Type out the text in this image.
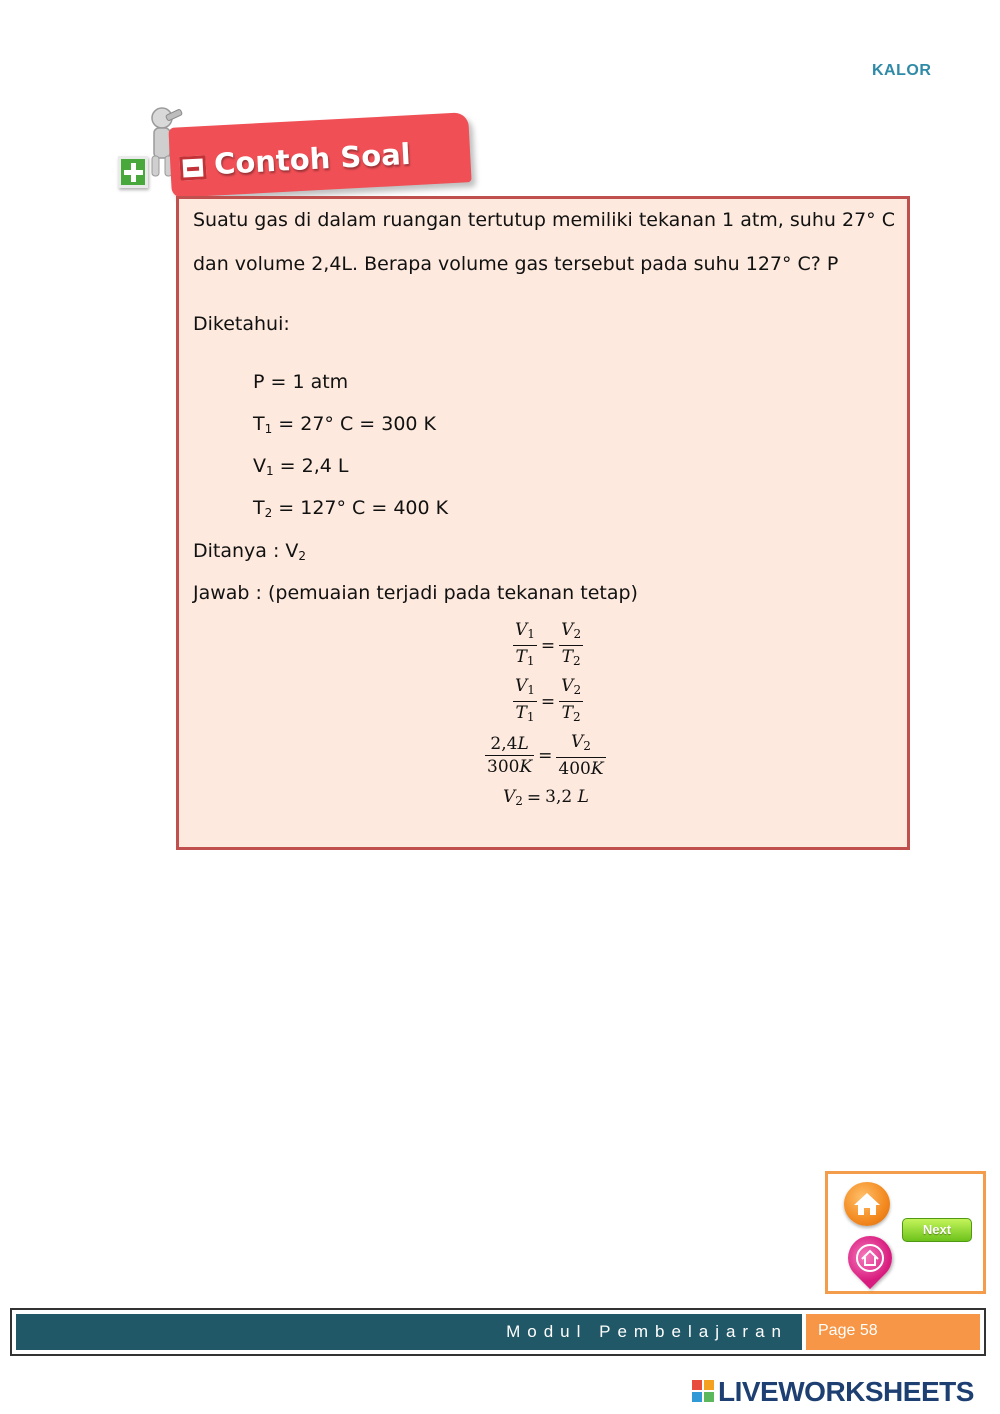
KALOR
Contoh Soal
Suatu gas di dalam ruangan tertutup memiliki tekanan 1 atm, suhu 27° C
dan volume 2,4L. Berapa volume gas tersebut pada suhu 127° C? P
Diketahui:
P = 1 atm
$T_1 = 27^\circ$ C = 300 K
$V_1 = 2,4$ L
$T_2 = 127^\circ$ C = 400 K
Ditanya : $V_2$
Jawab : (pemuaian terjadi pada tekanan tetap)
$\frac{V_1}{T_1} = \frac{V_2}{T_2}$
$\frac{V_1}{T_1} = \frac{V_2}{T_2}$
$\frac{2,4L}{300K} = \frac{V_2}{400K}$
$V_2 = 3,2$ L
Next
Modul Pembelajaran Page 58
LIVEWORKSHEETS
